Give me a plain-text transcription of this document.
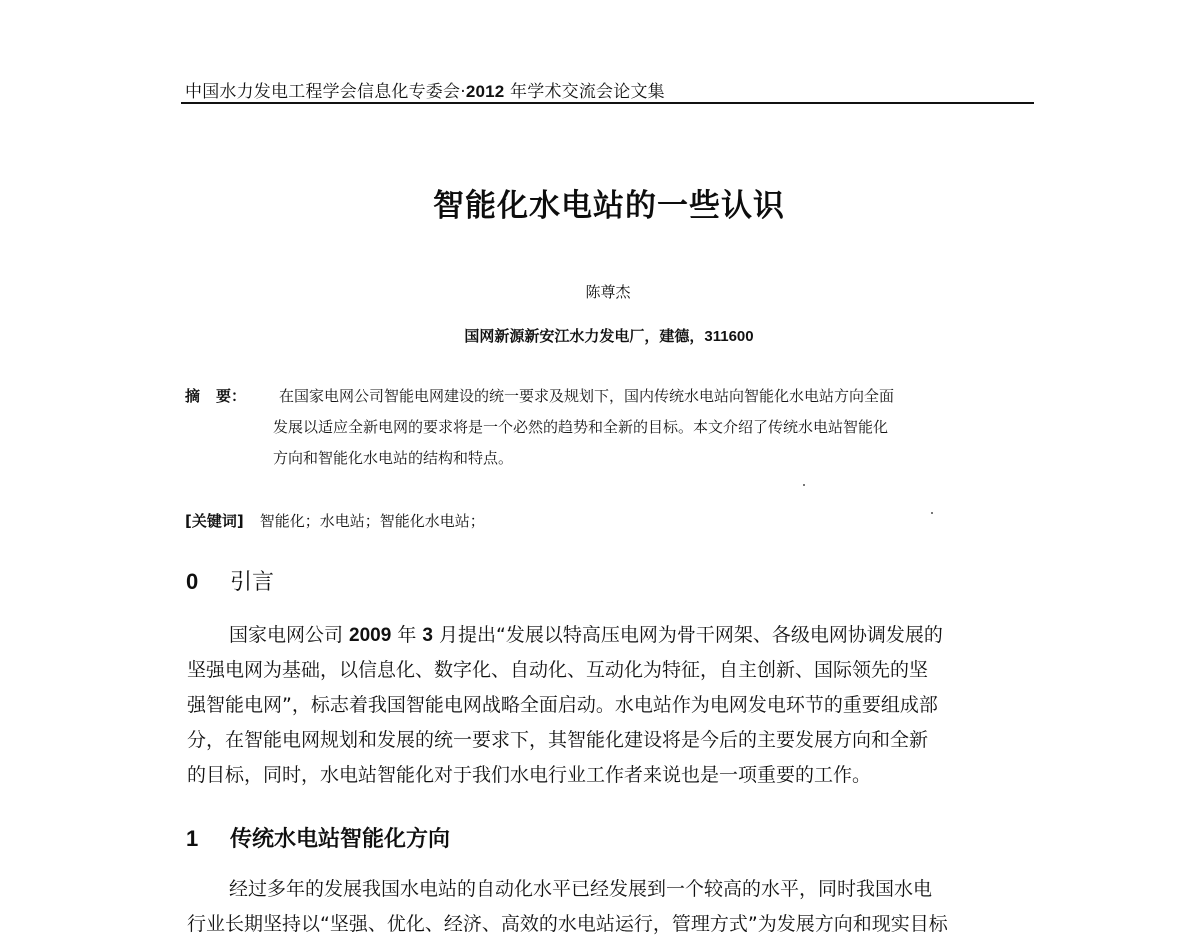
中国水力发电工程学会信息化专委会·2012 年学术交流会论文集
智能化水电站的一些认识
陈尊杰
国网新源新安江水力发电厂，建德，311600
摘 要：	在国家电网公司智能电网建设的统一要求及规划下，国内传统水电站向智能化水电站方向全面
发展以适应全新电网的要求将是一个必然的趋势和全新的目标。本文介绍了传统水电站智能化
方向和智能化水电站的结构和特点。
[关键词] 智能化；水电站；智能化水电站；
0 引言
国家电网公司 2009 年 3 月提出“发展以特高压电网为骨干网架、各级电网协调发展的
坚强电网为基础，以信息化、数字化、自动化、互动化为特征，自主创新、国际领先的坚
强智能电网”，标志着我国智能电网战略全面启动。水电站作为电网发电环节的重要组成部
分，在智能电网规划和发展的统一要求下，其智能化建设将是今后的主要发展方向和全新
的目标，同时，水电站智能化对于我们水电行业工作者来说也是一项重要的工作。
1 传统水电站智能化方向
经过多年的发展我国水电站的自动化水平已经发展到一个较高的水平，同时我国水电
行业长期坚持以“坚强、优化、经济、高效的水电站运行，管理方式”为发展方向和现实目标
